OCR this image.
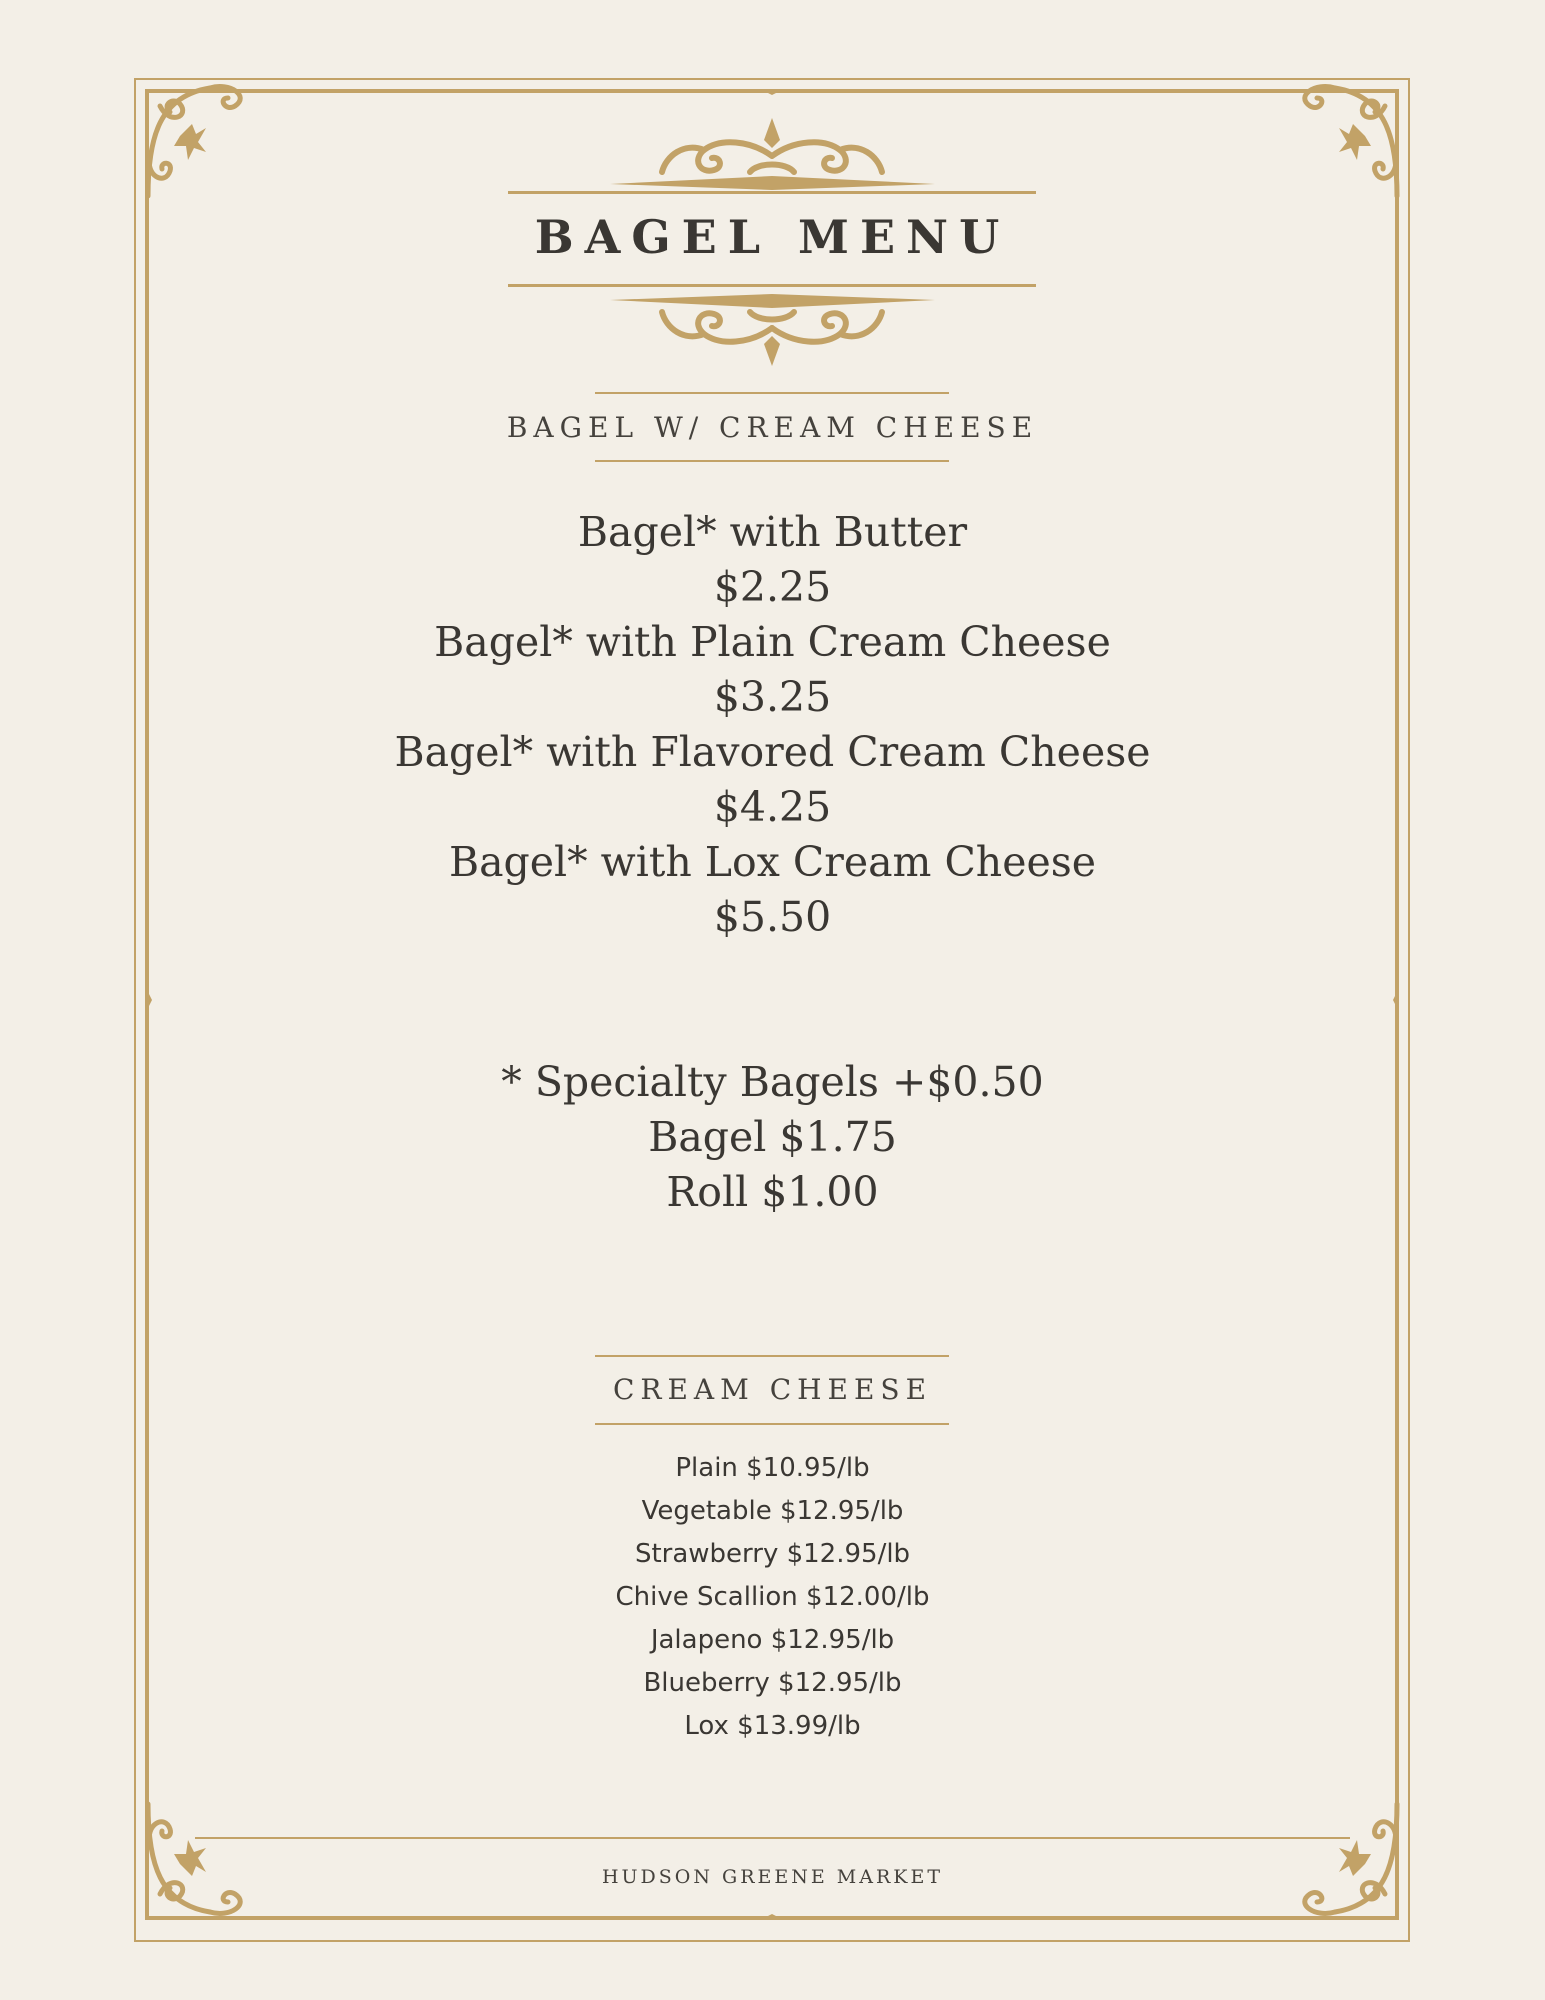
BAGEL MENU
BAGEL W/ CREAM CHEESE
Bagel* with Butter
$2.25
Bagel* with Plain Cream Cheese
$3.25
Bagel* with Flavored Cream Cheese
$4.25
Bagel* with Lox Cream Cheese
$5.50
* Specialty Bagels +$0.50
Bagel $1.75
Roll $1.00
CREAM CHEESE
Plain $10.95/lb
Vegetable $12.95/lb
Strawberry $12.95/lb
Chive Scallion $12.00/lb
Jalapeno $12.95/lb
Blueberry $12.95/lb
Lox $13.99/lb
HUDSON GREENE MARKET
